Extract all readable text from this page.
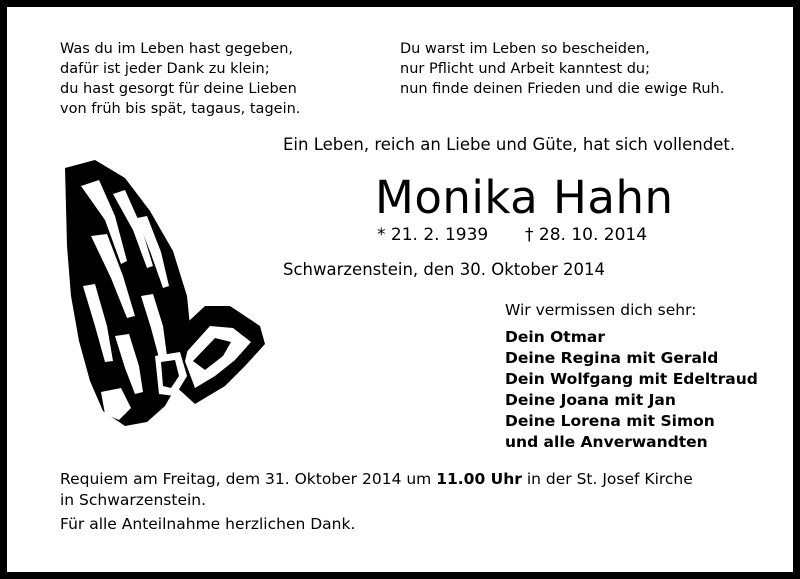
Was du im Leben hast gegeben,
dafür ist jeder Dank zu klein;
du hast gesorgt für deine Lieben
von früh bis spät, tagaus, tagein.
Du warst im Leben so bescheiden,
nur Pflicht und Arbeit kanntest du;
nun finde deinen Frieden und die ewige Ruh.
Ein Leben, reich an Liebe und Güte, hat sich vollendet.
Monika Hahn
* 21. 2. 1939 † 28. 10. 2014
Schwarzenstein, den 30. Oktober 2014
Wir vermissen dich sehr:
Dein Otmar
Deine Regina mit Gerald
Dein Wolfgang mit Edeltraud
Deine Joana mit Jan
Deine Lorena mit Simon
und alle Anverwandten
Requiem am Freitag, dem 31. Oktober 2014 um 11.00 Uhr in der St. Josef Kirche
in Schwarzenstein.
Für alle Anteilnahme herzlichen Dank.
